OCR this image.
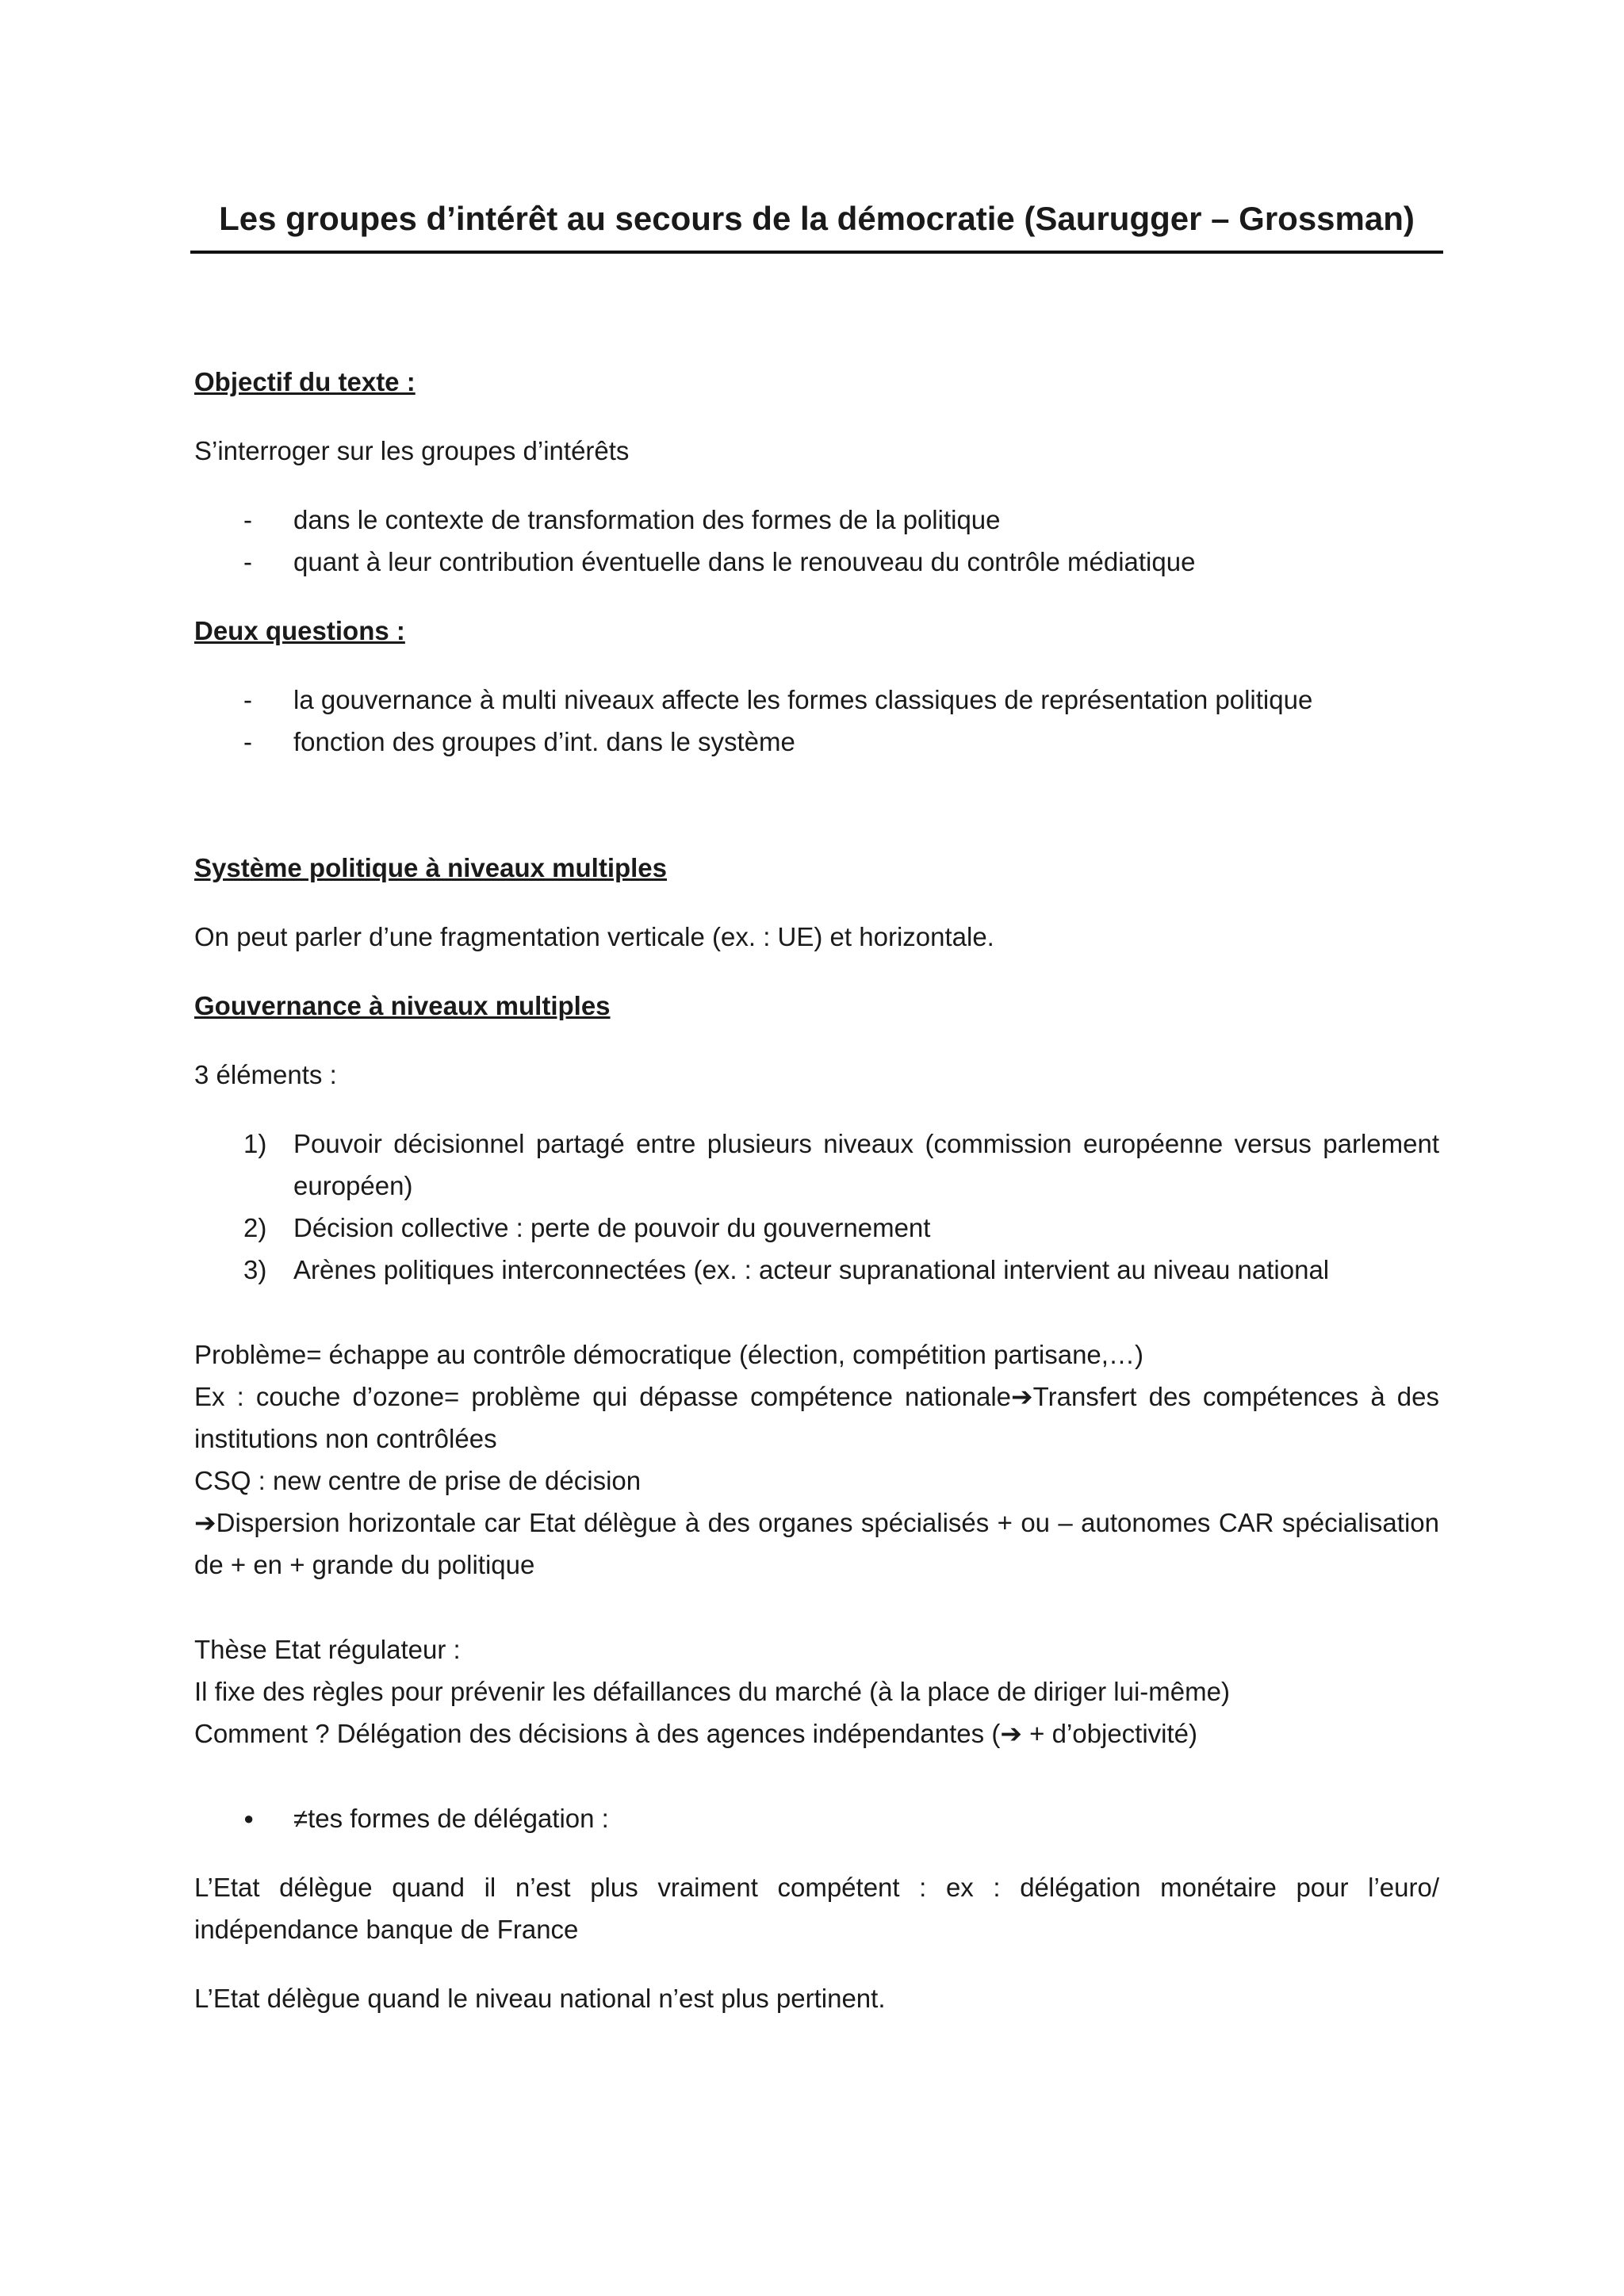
Les groupes d’intérêt au secours de la démocratie (Saurugger – Grossman)

Objectif du texte :

S’interroger sur les groupes d’intérêts

- dans le contexte de transformation des formes de la politique
- quant à leur contribution éventuelle dans le renouveau du contrôle médiatique

Deux questions :

- la gouvernance à multi niveaux affecte les formes classiques de représentation politique
- fonction des groupes d’int. dans le système

Système politique à niveaux multiples

On peut parler d’une fragmentation verticale (ex. : UE) et horizontale.

Gouvernance à niveaux multiples

3 éléments :

1) Pouvoir décisionnel partagé entre plusieurs niveaux (commission européenne versus parlement européen)
2) Décision collective : perte de pouvoir du gouvernement
3) Arènes politiques interconnectées (ex. : acteur supranational intervient au niveau national

Problème= échappe au contrôle démocratique (élection, compétition partisane,…)

Ex : couche d’ozone= problème qui dépasse compétence nationale➔Transfert des compétences à des institutions non contrôlées

CSQ : new centre de prise de décision

➔Dispersion horizontale car Etat délègue à des organes spécialisés + ou – autonomes CAR spécialisation de + en + grande du politique

Thèse Etat régulateur :

Il fixe des règles pour prévenir les défaillances du marché (à la place de diriger lui-même)

Comment ? Délégation des décisions à des agences indépendantes (➔ + d’objectivité)

● ≠tes formes de délégation :

L’Etat délègue quand il n’est plus vraiment compétent : ex : délégation monétaire pour l’euro/ indépendance banque de France

L’Etat délègue quand le niveau national n’est plus pertinent.
